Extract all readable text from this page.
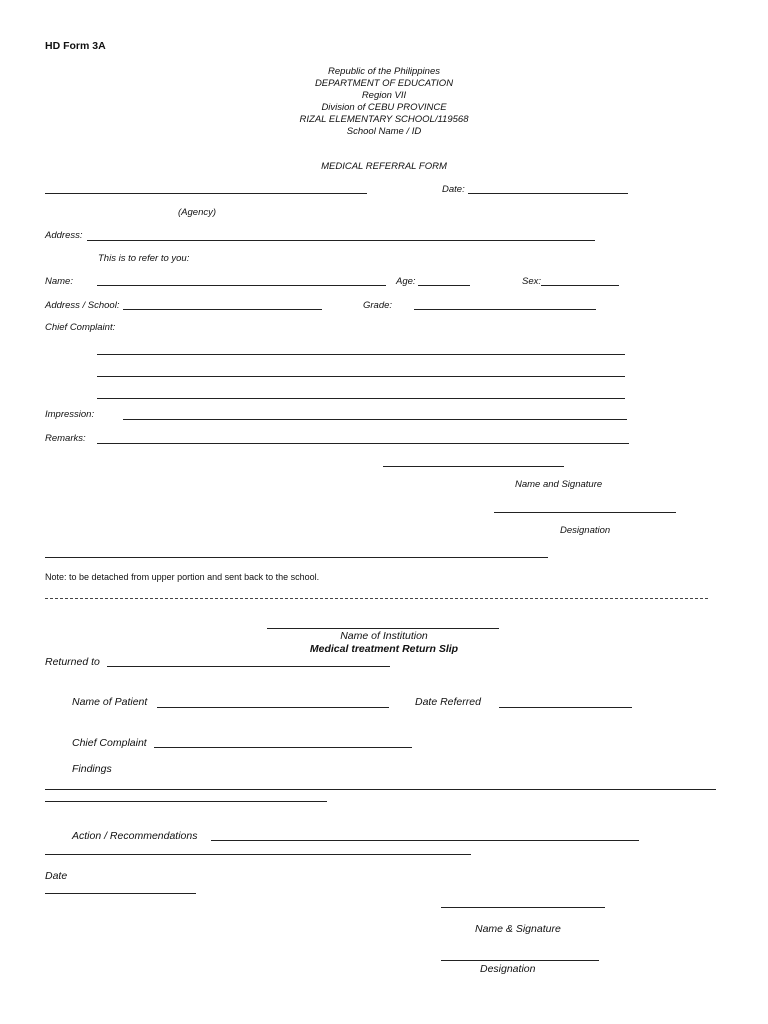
HD Form 3A
Republic of the Philippines
DEPARTMENT OF EDUCATION
Region VII
Division of CEBU PROVINCE
RIZAL ELEMENTARY SCHOOL/119568
School Name / ID
MEDICAL REFERRAL FORM
Date:
(Agency)
Address:
This is to refer to you:
Name:	Age:	Sex:
Address / School:	Grade:
Chief Complaint:
Impression:
Remarks:
Name and Signature
Designation
Note: to be detached from upper portion and sent back to the school.
Name of Institution
Medical treatment Return Slip
Returned to
Name of Patient	Date Referred
Chief Complaint
Findings
Action / Recommendations
Date
Name & Signature
Designation
